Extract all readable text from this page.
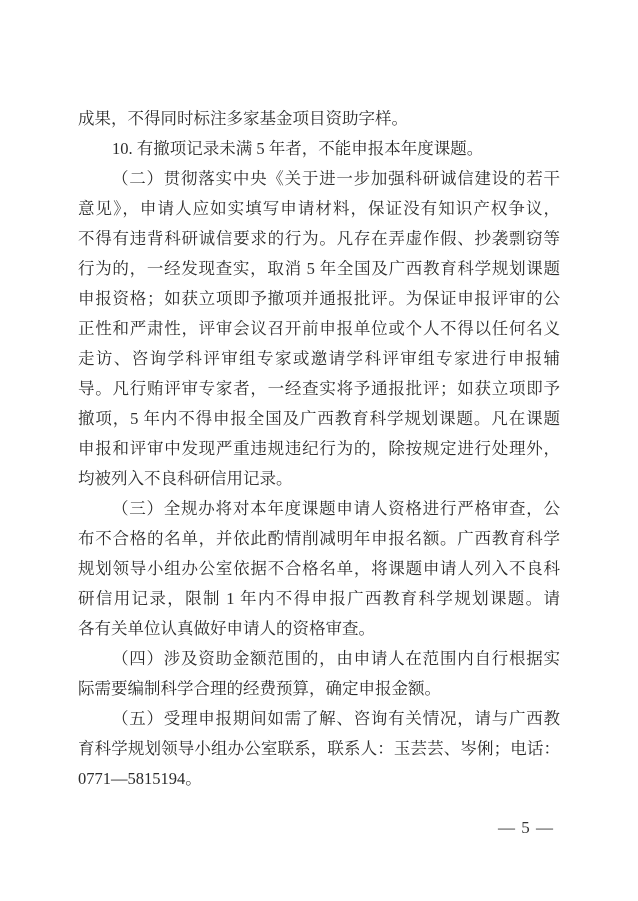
成果，不得同时标注多家基金项目资助字样。

10. 有撤项记录未满 5 年者，不能申报本年度课题。

（二）贯彻落实中央《关于进一步加强科研诚信建设的若干

意见》，申请人应如实填写申请材料，保证没有知识产权争议，

不得有违背科研诚信要求的行为。凡存在弄虚作假、抄袭剽窃等

行为的，一经发现查实，取消 5 年全国及广西教育科学规划课题

申报资格；如获立项即予撤项并通报批评。为保证申报评审的公

正性和严肃性，评审会议召开前申报单位或个人不得以任何名义

走访、咨询学科评审组专家或邀请学科评审组专家进行申报辅

导。凡行贿评审专家者，一经查实将予通报批评；如获立项即予

撤项，5 年内不得申报全国及广西教育科学规划课题。凡在课题

申报和评审中发现严重违规违纪行为的，除按规定进行处理外，

均被列入不良科研信用记录。

（三）全规办将对本年度课题申请人资格进行严格审查，公

布不合格的名单，并依此酌情削减明年申报名额。广西教育科学

规划领导小组办公室依据不合格名单，将课题申请人列入不良科

研信用记录，限制 1 年内不得申报广西教育科学规划课题。请

各有关单位认真做好申请人的资格审查。

（四）涉及资助金额范围的，由申请人在范围内自行根据实

际需要编制科学合理的经费预算，确定申报金额。

（五）受理申报期间如需了解、咨询有关情况，请与广西教

育科学规划领导小组办公室联系，联系人：玉芸芸、岑俐；电话：

0771—5815194。

— 5 —
